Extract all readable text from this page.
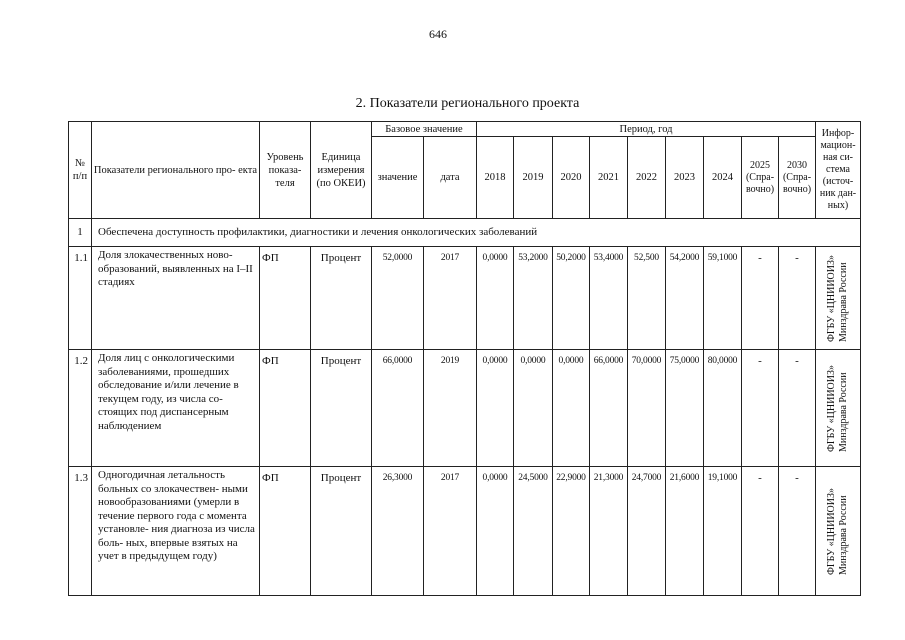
646
2. Показатели регионального проекта
№ п/п	Показатели регионального про- екта	Уровень показа- теля	Единица измерения (по ОКЕИ)	Базовое значение		Период, год									Инфор- мацион- ная си- стема (источ- ник дан- ных)
				значение	дата	2018	2019	2020	2021	2022	2023	2024	2025 (Спра- вочно)	2030 (Спра- вочно)	
1	Обеспечена доступность профилактики, диагностики и лечения онкологических заболеваний														
1.1	Доля злокачественных ново- образований, выявленных на I–II стадиях	ФП	Процент	52,0000	2017	0,0000	53,2000	50,2000	53,4000	52,500	54,2000	59,1000	-	-	ФГБУ «ЦНИИОИЗ»
Минздрава России

1.2	Доля лиц с онкологическими заболеваниями, прошедших обследование и/или лечение в текущем году, из числа со- стоящих под диспансерным наблюдением	ФП	Процент	66,0000	2019	0,0000	0,0000	0,0000	66,0000	70,0000	75,0000	80,0000	-	-	ФГБУ «ЦНИИОИЗ»
Минздрава России

1.3	Одногодичная летальность больных со злокачествен- ными новообразованиями (умерли в течение первого года с момента установле- ния диагноза из числа боль- ных, впервые взятых на учет в предыдущем году)	ФП	Процент	26,3000	2017	0,0000	24,5000	22,9000	21,3000	24,7000	21,6000	19,1000	-	-	ФГБУ «ЦНИИОИЗ»
Минздрава России
